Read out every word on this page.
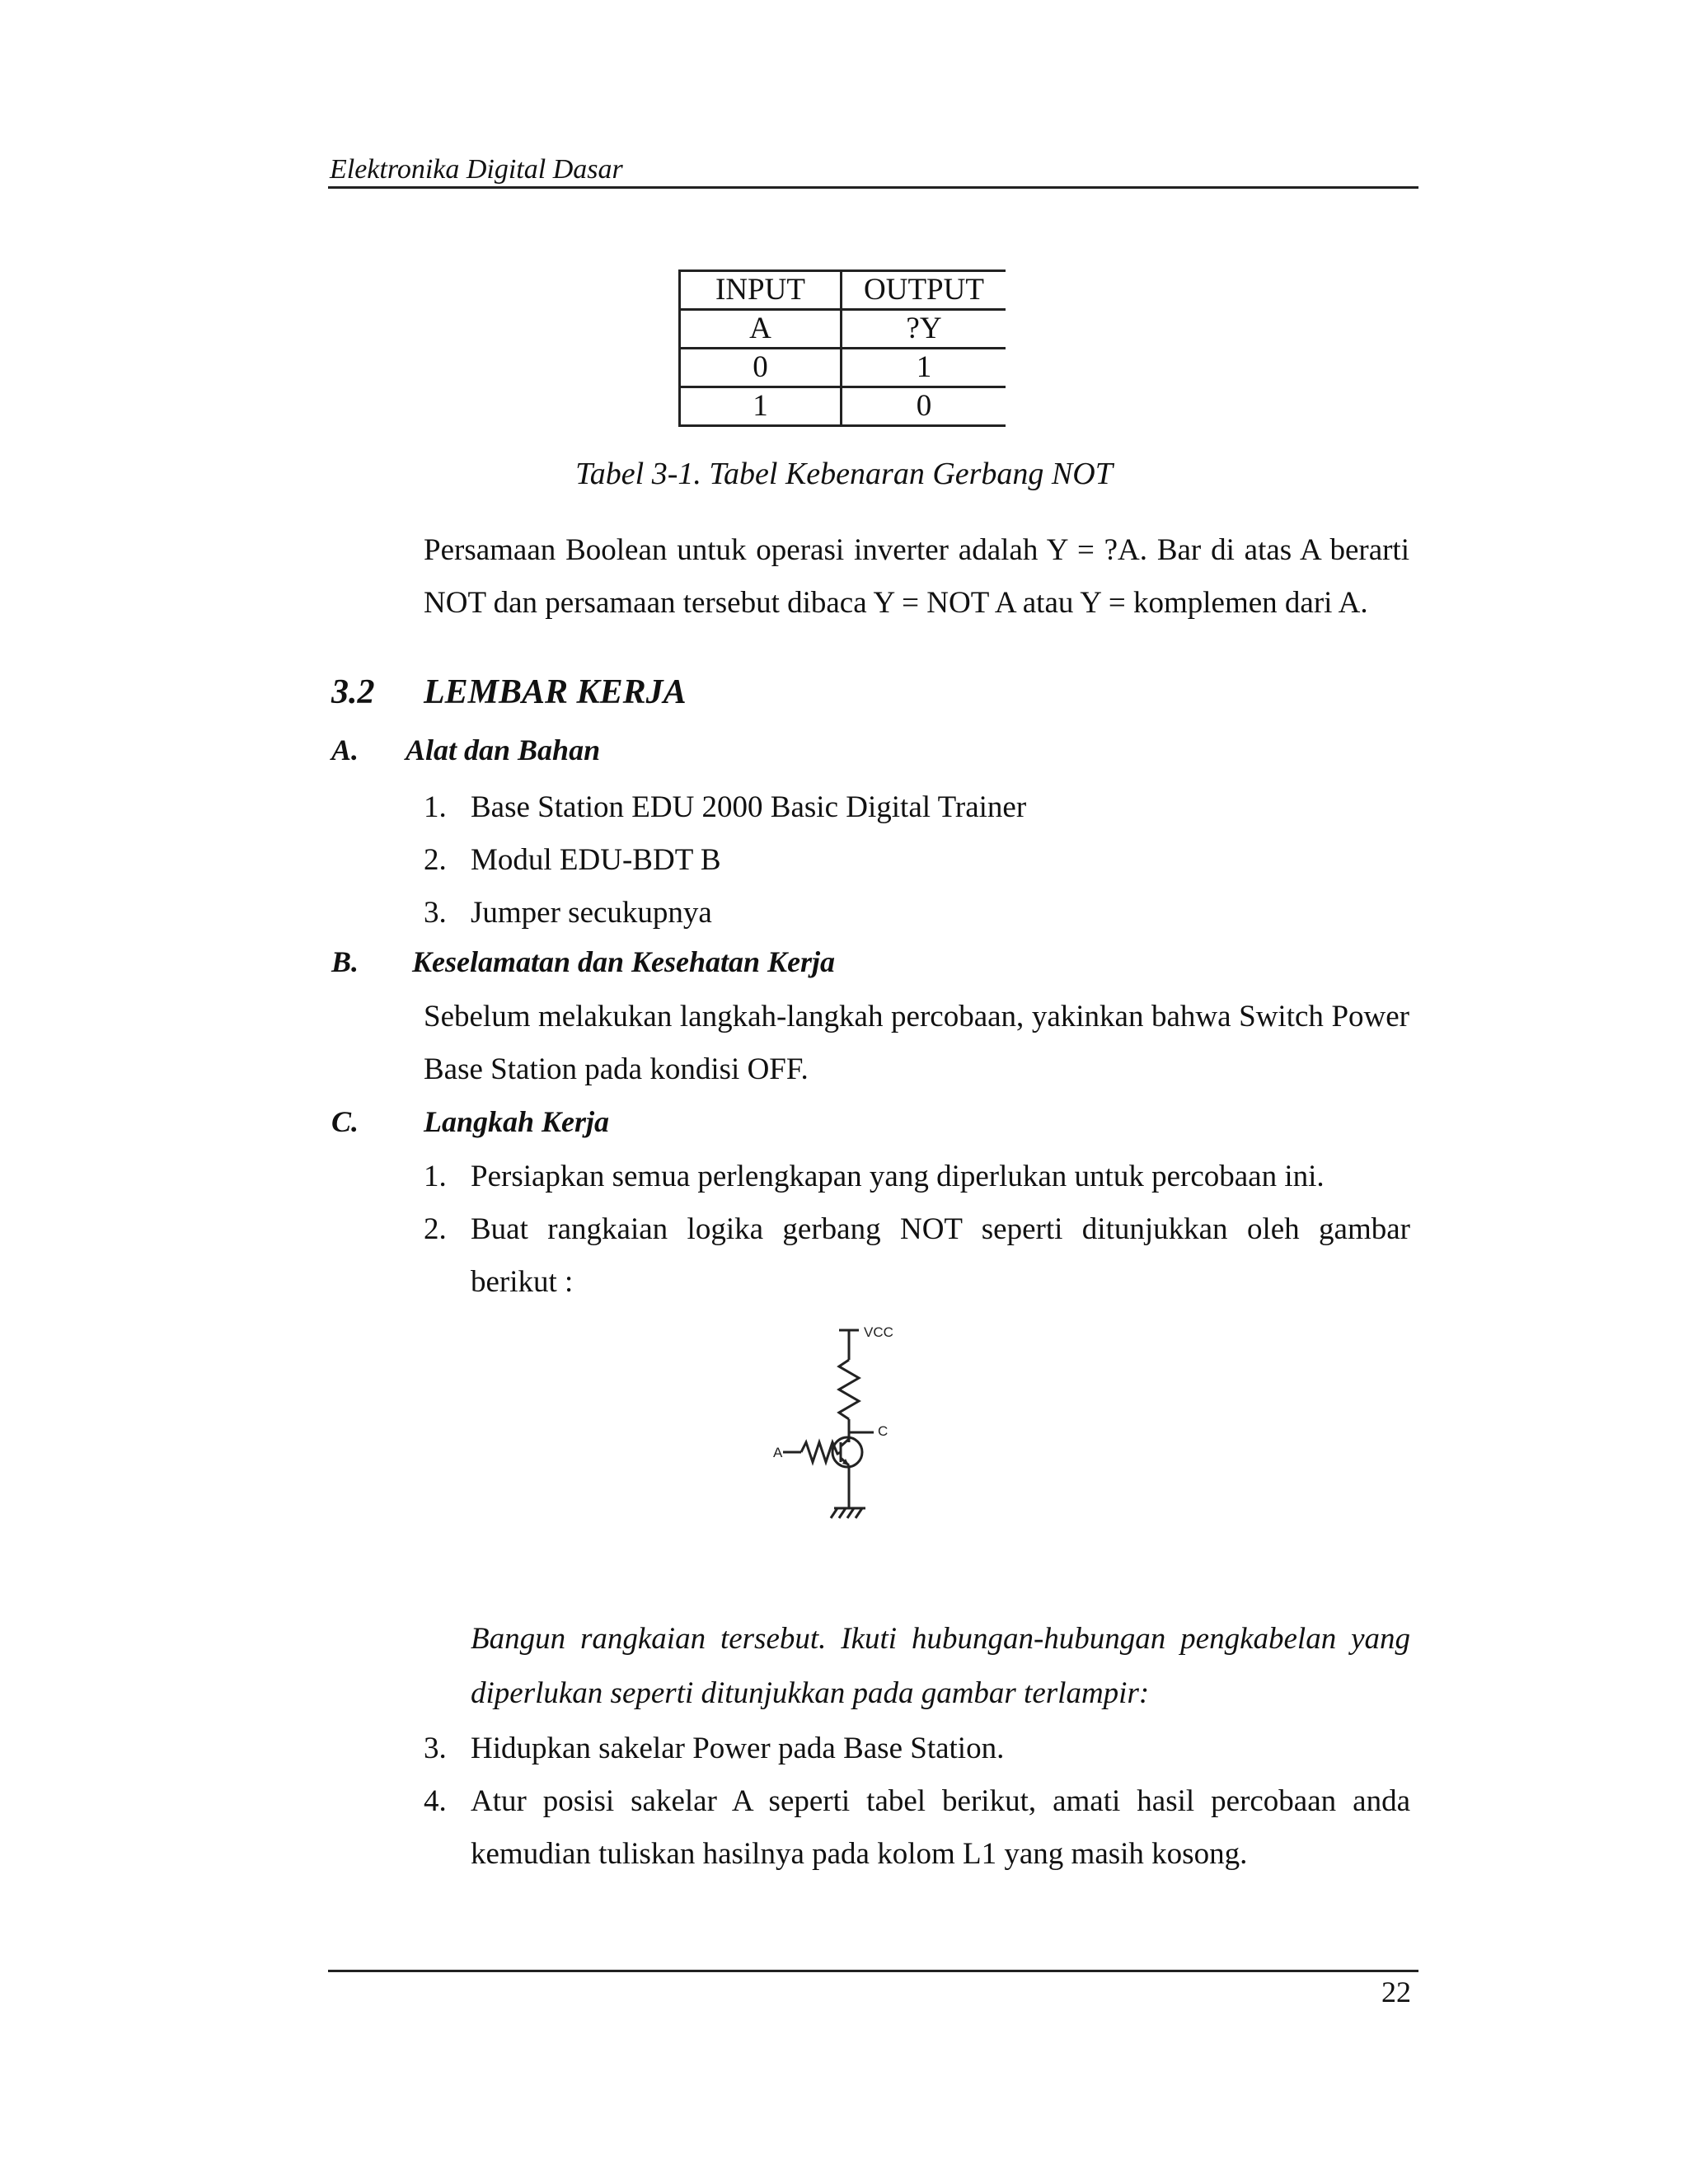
Elektronika Digital Dasar
INPUT	OUTPUT
A	?Y
0	1
1	0
Tabel 3-1. Tabel Kebenaran Gerbang NOT
Persamaan Boolean untuk operasi inverter adalah Y = ?A. Bar di atas A berarti NOT dan persamaan tersebut dibaca Y = NOT A atau Y = komplemen dari A.
3.2 LEMBAR KERJA
A. Alat dan Bahan
1. Base Station EDU 2000 Basic Digital Trainer
2. Modul EDU-BDT B
3. Jumper secukupnya
B. Keselamatan dan Kesehatan Kerja
Sebelum melakukan langkah-langkah percobaan, yakinkan bahwa Switch Power Base Station pada kondisi OFF.
C. Langkah Kerja
1. Persiapkan semua perlengkapan yang diperlukan untuk percobaan ini.
2. Buat rangkaian logika gerbang NOT seperti ditunjukkan oleh gambar berikut :
VCC
C
A
Bangun rangkaian tersebut. Ikuti hubungan-hubungan pengkabelan yang diperlukan seperti ditunjukkan pada gambar terlampir:
3. Hidupkan sakelar Power pada Base Station.
4. Atur posisi sakelar A seperti tabel berikut, amati hasil percobaan anda kemudian tuliskan hasilnya pada kolom L1 yang masih kosong.
22
